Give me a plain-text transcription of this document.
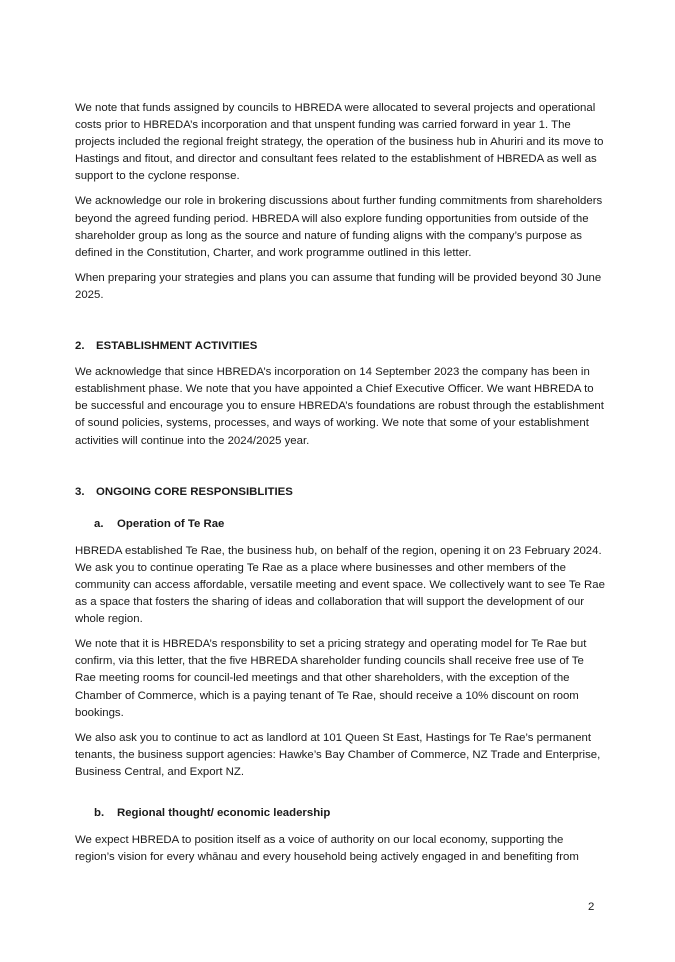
We note that funds assigned by councils to HBREDA were allocated to several projects and operational costs prior to HBREDA’s incorporation and that unspent funding was carried forward in year 1. The projects included the regional freight strategy, the operation of the business hub in Ahuriri and its move to Hastings and fitout, and director and consultant fees related to the establishment of HBREDA as well as support to the cyclone response.

We acknowledge our role in brokering discussions about further funding commitments from shareholders beyond the agreed funding period. HBREDA will also explore funding opportunities from outside of the shareholder group as long as the source and nature of funding aligns with the company’s purpose as defined in the Constitution, Charter, and work programme outlined in this letter.

When preparing your strategies and plans you can assume that funding will be provided beyond 30 June 2025.

2. ESTABLISHMENT ACTIVITIES

We acknowledge that since HBREDA’s incorporation on 14 September 2023 the company has been in establishment phase. We note that you have appointed a Chief Executive Officer. We want HBREDA to be successful and encourage you to ensure HBREDA’s foundations are robust through the establishment of sound policies, systems, processes, and ways of working. We note that some of your establishment activities will continue into the 2024/2025 year.

3. ONGOING CORE RESPONSIBLITIES
a. Operation of Te Rae

HBREDA established Te Rae, the business hub, on behalf of the region, opening it on 23 February 2024. We ask you to continue operating Te Rae as a place where businesses and other members of the community can access affordable, versatile meeting and event space. We collectively want to see Te Rae as a space that fosters the sharing of ideas and collaboration that will support the development of our whole region.

We note that it is HBREDA’s responsbility to set a pricing strategy and operating model for Te Rae but confirm, via this letter, that the five HBREDA shareholder funding councils shall receive free use of Te Rae meeting rooms for council-led meetings and that other shareholders, with the exception of the Chamber of Commerce, which is a paying tenant of Te Rae, should receive a 10% discount on room bookings.

We also ask you to continue to act as landlord at 101 Queen St East, Hastings for Te Rae’s permanent tenants, the business support agencies: Hawke’s Bay Chamber of Commerce, NZ Trade and Enterprise, Business Central, and Export NZ.

b. Regional thought/ economic leadership

We expect HBREDA to position itself as a voice of authority on our local economy, supporting the region’s vision for every whānau and every household being actively engaged in and benefiting from

2
